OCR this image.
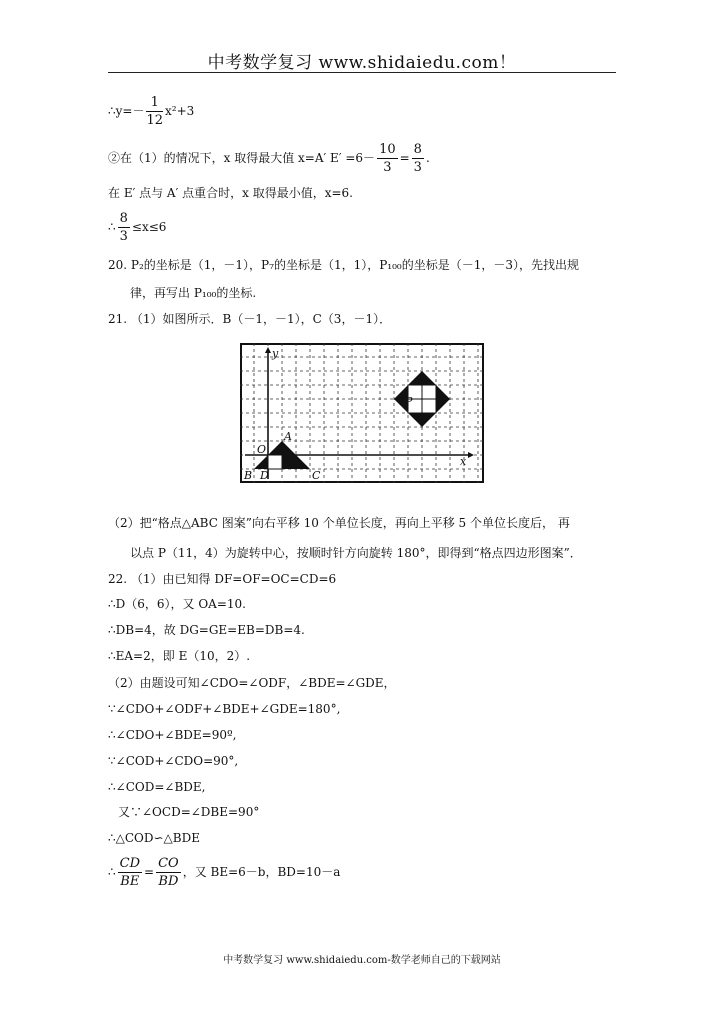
中考数学复习 www.shidaiedu.com！
∴y=－ $\frac{1}{12} x^2+3$
②在（1）的情况下，x 取得最大值 x=A′ $E' =6- \frac{10}{3} = \frac{8}{3}$ .
在 E′ 点与 A′ 点重合时，x 取得最小值，x=6.
∴ $\frac{8}{3} \le x\le 6$
20. P₂的坐标是（1，－1），P₇的坐标是（1，1），P₁₀₀的坐标是（－1，－3），先找出规
律，再写出 P₁₀₀的坐标.
21. （1）如图所示．B（－1，－1），C（3，－1）．
y
x
O
A
B D	C
P
（2）把“格点△ABC 图案”向右平移 10 个单位长度，再向上平移 5 个单位长度后， 再
以点 P（11，4）为旋转中心，按顺时针方向旋转 180°，即得到“格点四边形图案”．
22. （1）由已知得 DF=OF=OC=CD=6
∴D（6，6），又 OA=10.
∴DB=4，故 DG=GE=EB=DB=4.
∴EA=2，即 E（10，2）.
（2）由题设可知∠CDO=∠ODF，∠BDE=∠GDE，
∵∠CDO+∠ODF+∠BDE+∠GDE=180°,
∴∠CDO+∠BDE=90º,
∵∠COD+∠CDO=90°,
∴∠COD=∠BDE,
又∵∠OCD=∠DBE=90°
∴△COD∽△BDE
∴ $\frac{CD}{BE} = \frac{CO}{BD}$ ，又 BE=6－b，BD=10－a
中考数学复习 www.shidaiedu.com-数学老师自己的下载网站
